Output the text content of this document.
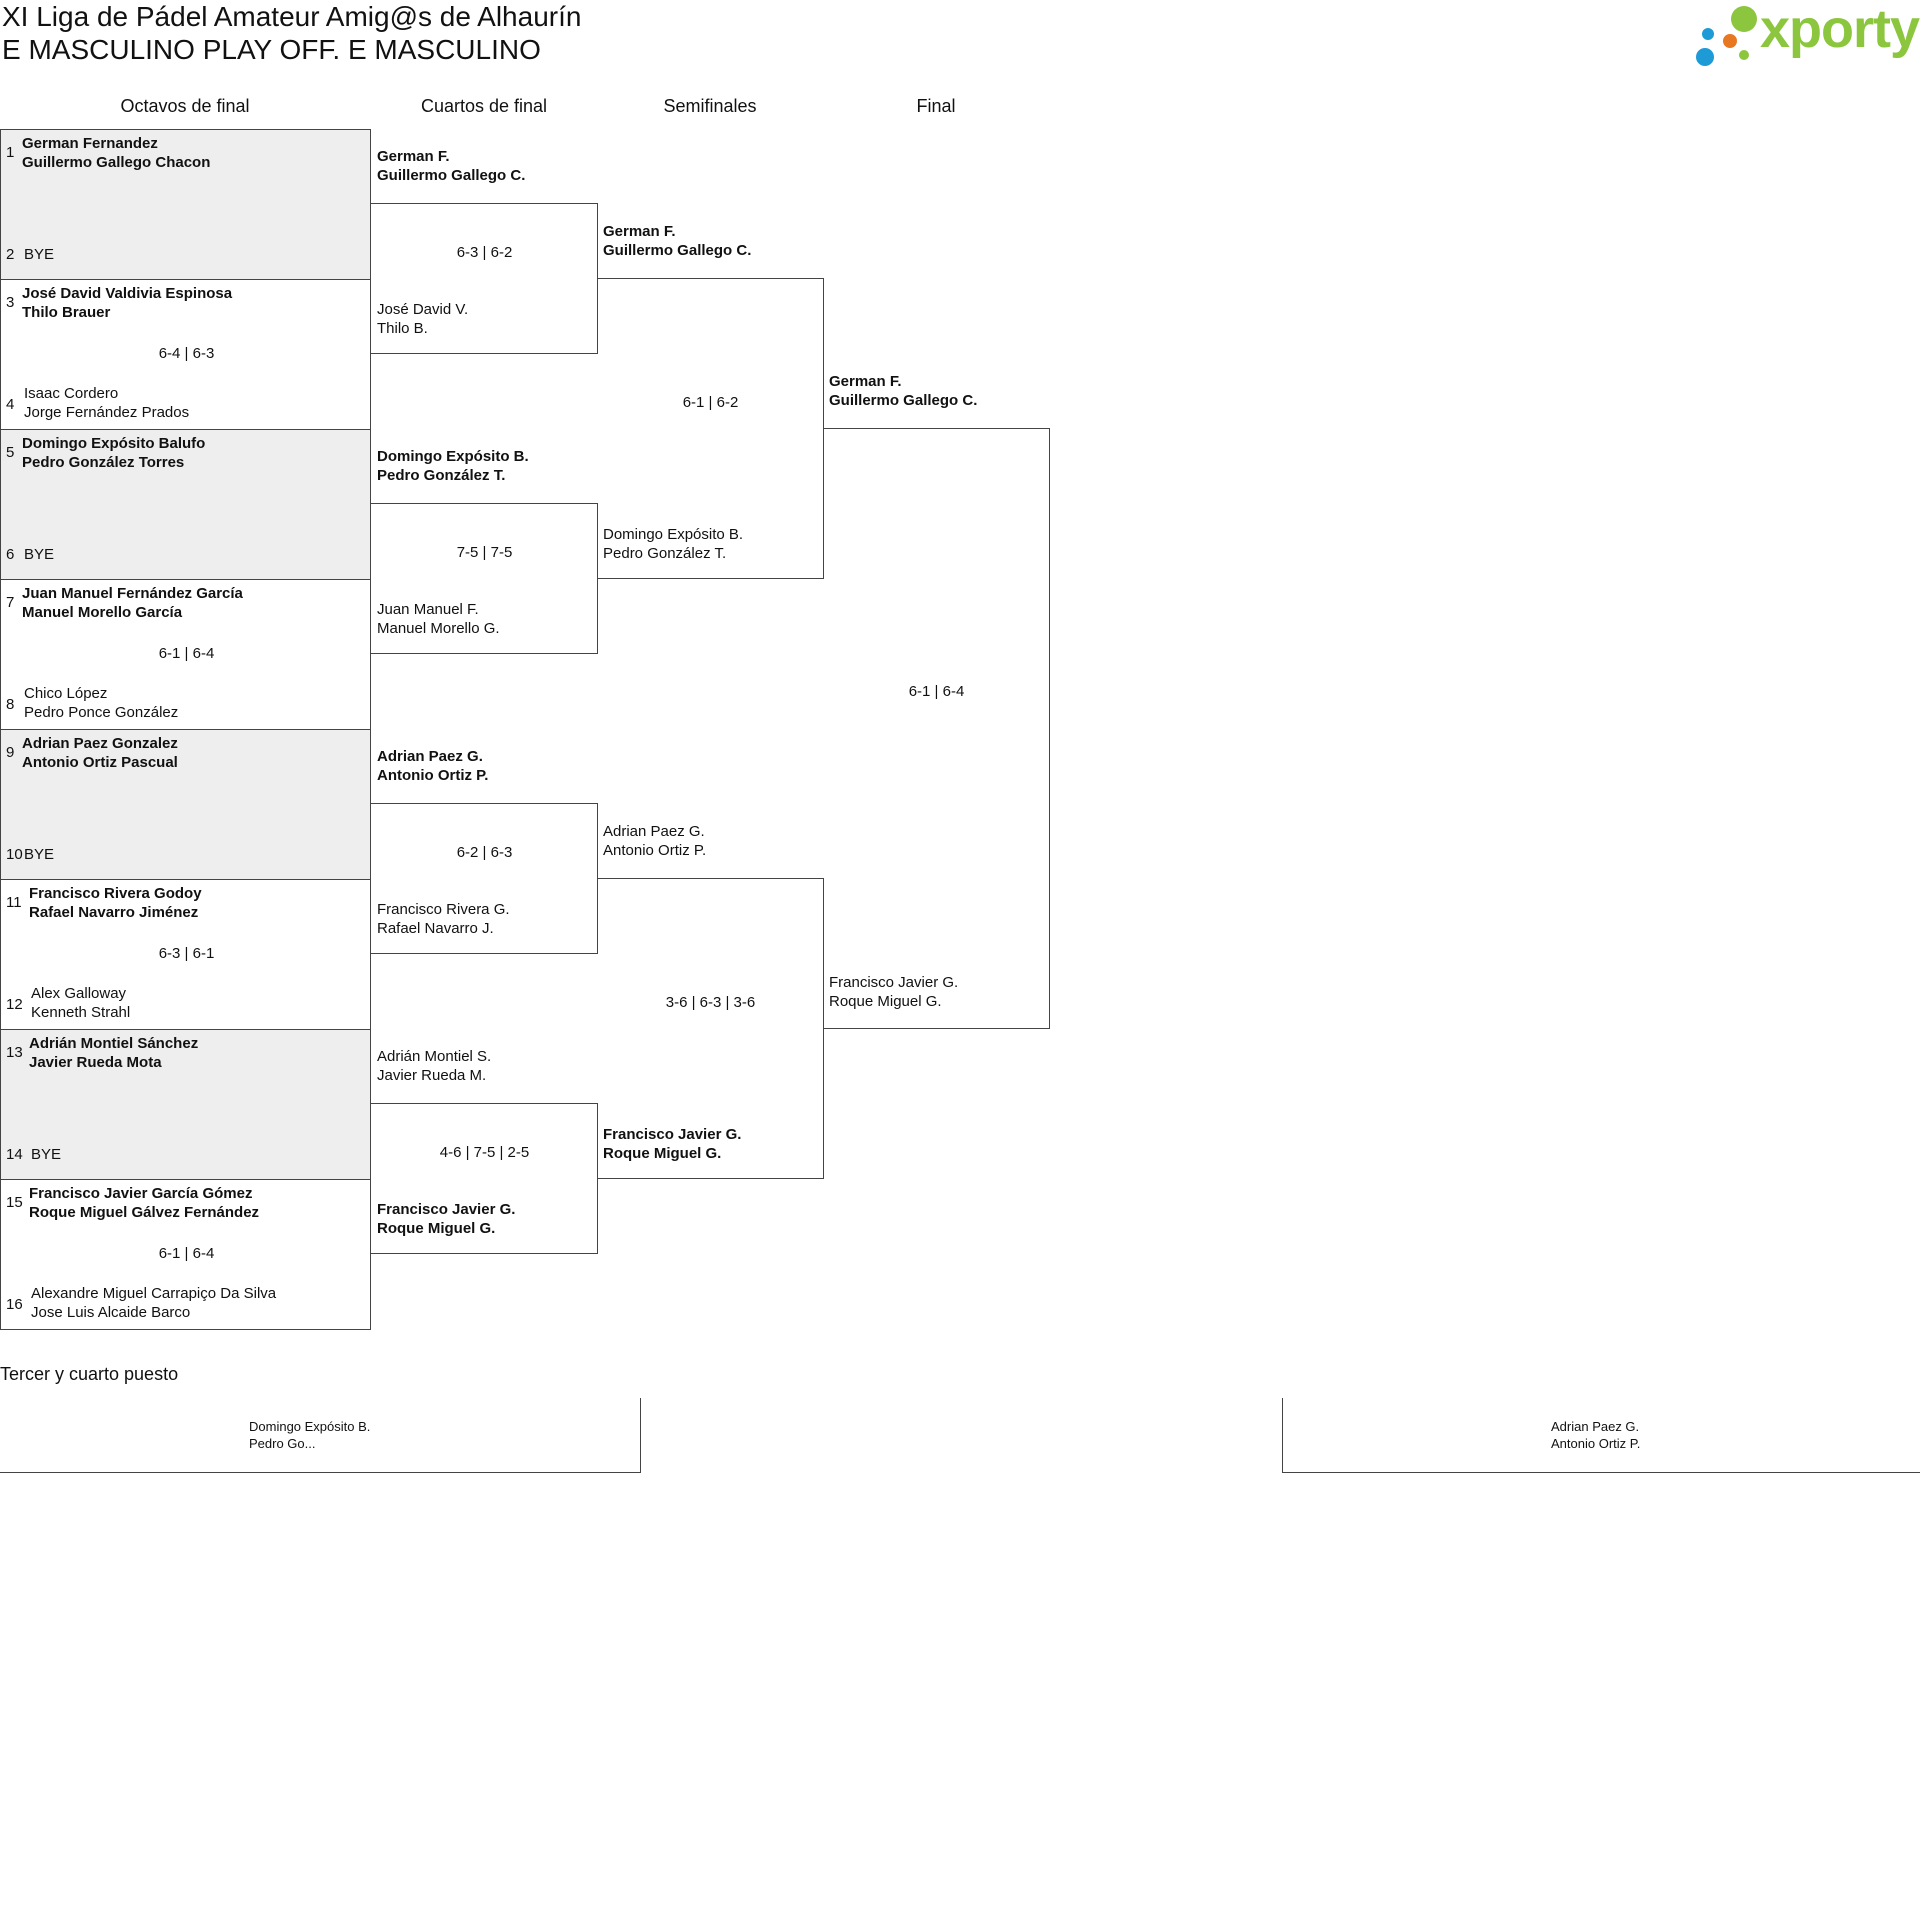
XI Liga de Pádel Amateur Amig@s de Alhaurín
E MASCULINO PLAY OFF. E MASCULINO	xporty
Octavos de final	Cuartos de final	Semifinales	Final
1
German Fernandez
Guillermo Gallego Chacon
2 BYE
3
José David Valdivia Espinosa
Thilo Brauer
4
Isaac Cordero
Jorge Fernández Prados
6-4 | 6-3
5
Domingo Expósito Balufo
Pedro González Torres
6 BYE
7
Juan Manuel Fernández García
Manuel Morello García
8
Chico López
Pedro Ponce González
6-1 | 6-4
9
Adrian Paez Gonzalez
Antonio Ortiz Pascual
10 BYE
11
Francisco Rivera Godoy
Rafael Navarro Jiménez
12
Alex Galloway
Kenneth Strahl
6-3 | 6-1
13
Adrián Montiel Sánchez
Javier Rueda Mota
14 BYE
15
Francisco Javier García Gómez
Roque Miguel Gálvez Fernández
16
Alexandre Miguel Carrapiço Da Silva
Jose Luis Alcaide Barco
6-1 | 6-4
German F.
Guillermo Gallego C.
José David V.
Thilo B.
6-3 | 6-2
Domingo Expósito B.
Pedro González T.
Juan Manuel F.
Manuel Morello G.
7-5 | 7-5
Adrian Paez G.
Antonio Ortiz P.
Francisco Rivera G.
Rafael Navarro J.
6-2 | 6-3
Adrián Montiel S.
Javier Rueda M.
Francisco Javier G.
Roque Miguel G.
4-6 | 7-5 | 2-5
German F.
Guillermo Gallego C.
Domingo Expósito B.
Pedro González T.
6-1 | 6-2
Adrian Paez G.
Antonio Ortiz P.
Francisco Javier G.
Roque Miguel G.
3-6 | 6-3 | 3-6
German F.
Guillermo Gallego C.
Francisco Javier G.
Roque Miguel G.
6-1 | 6-4
Tercer y cuarto puesto
Domingo Expósito B.
Pedro Go...
Adrian Paez G.
Antonio Ortiz P.
